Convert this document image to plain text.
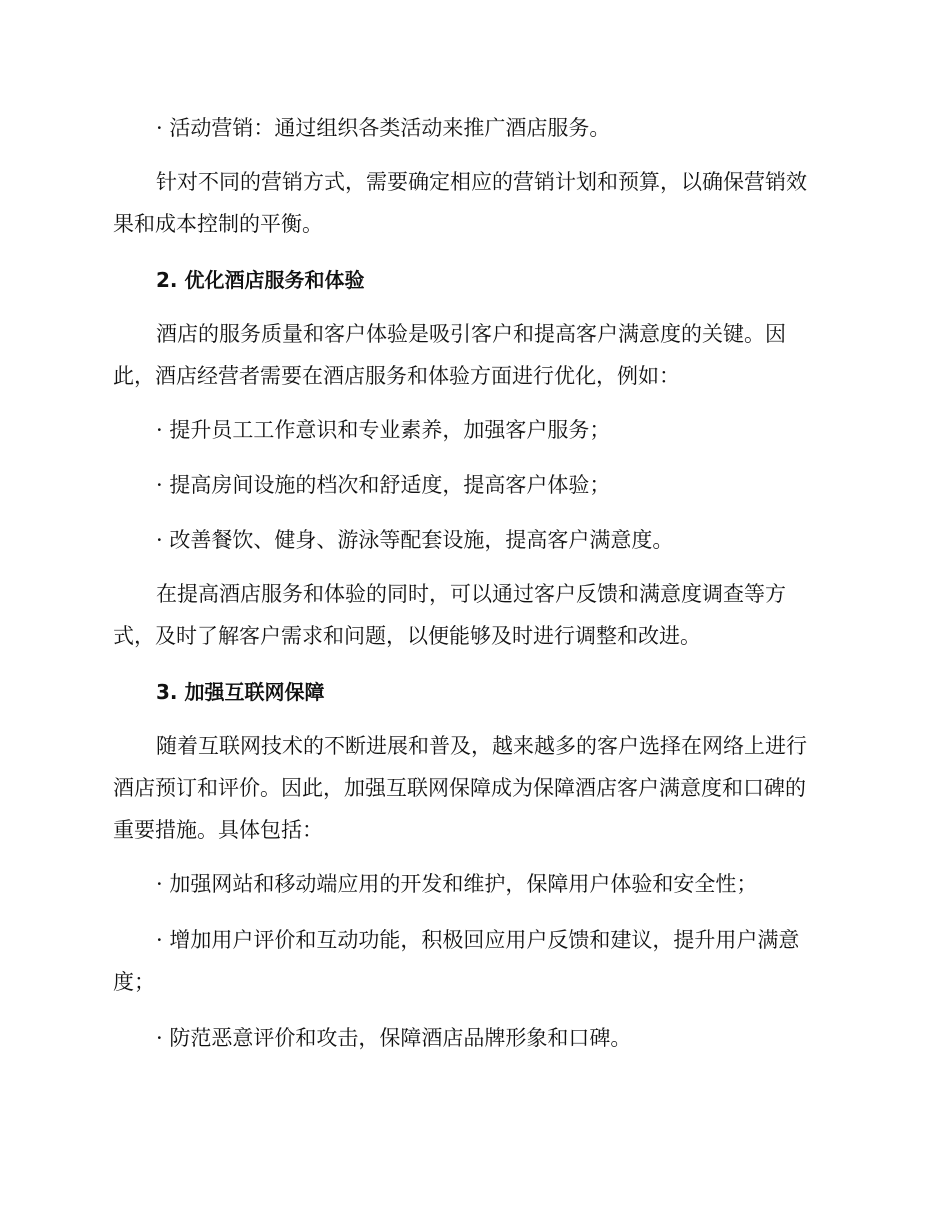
· 活动营销：通过组织各类活动来推广酒店服务。
针对不同的营销方式，需要确定相应的营销计划和预算，以确保营销效
果和成本控制的平衡。
2. 优化酒店服务和体验
酒店的服务质量和客户体验是吸引客户和提高客户满意度的关键。因
此，酒店经营者需要在酒店服务和体验方面进行优化，例如：
· 提升员工工作意识和专业素养，加强客户服务；
· 提高房间设施的档次和舒适度，提高客户体验；
· 改善餐饮、健身、游泳等配套设施，提高客户满意度。
在提高酒店服务和体验的同时，可以通过客户反馈和满意度调查等方
式，及时了解客户需求和问题，以便能够及时进行调整和改进。
3. 加强互联网保障
随着互联网技术的不断进展和普及，越来越多的客户选择在网络上进行
酒店预订和评价。因此，加强互联网保障成为保障酒店客户满意度和口碑的
重要措施。具体包括：
· 加强网站和移动端应用的开发和维护，保障用户体验和安全性；
· 增加用户评价和互动功能，积极回应用户反馈和建议，提升用户满意
度；
· 防范恶意评价和攻击，保障酒店品牌形象和口碑。
